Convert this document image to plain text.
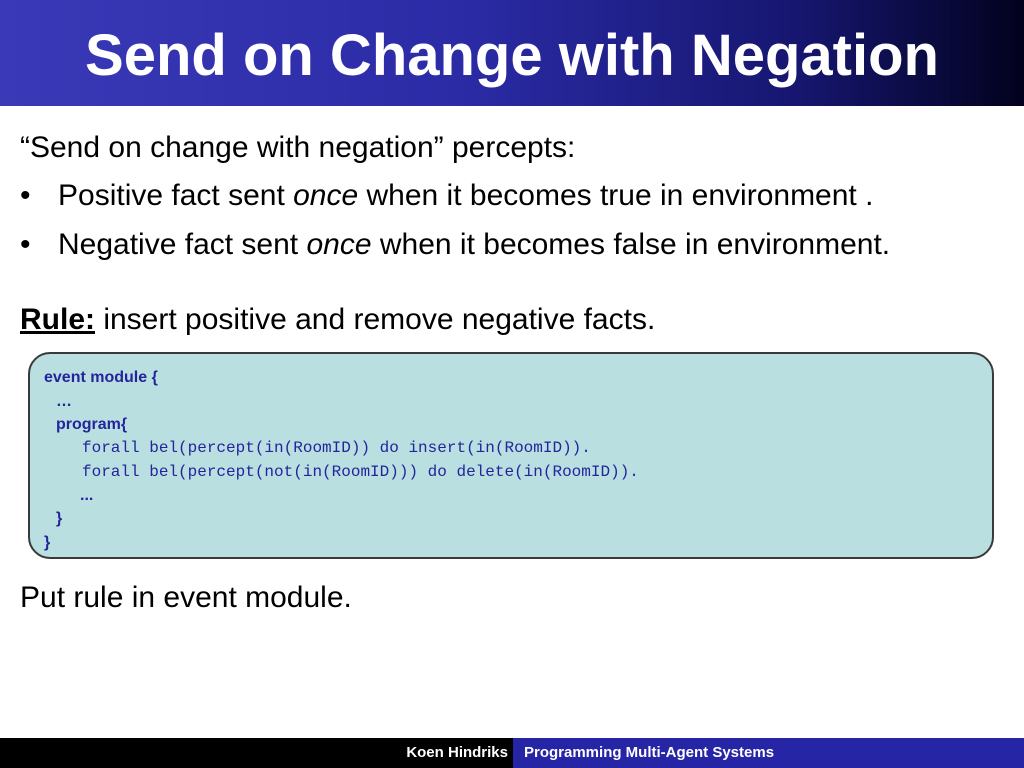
Send on Change with Negation
“Send on change with negation” percepts:
• Positive fact sent once when it becomes true in environment .
• Negative fact sent once when it becomes false in environment.
Rule: insert positive and remove negative facts.
event module {
…
program{
forall bel(percept(in(RoomID)) do insert(in(RoomID)).
forall bel(percept(not(in(RoomID))) do delete(in(RoomID)).
...
}
}
Put rule in event module.
Koen Hindriks Programming Multi-Agent Systems
